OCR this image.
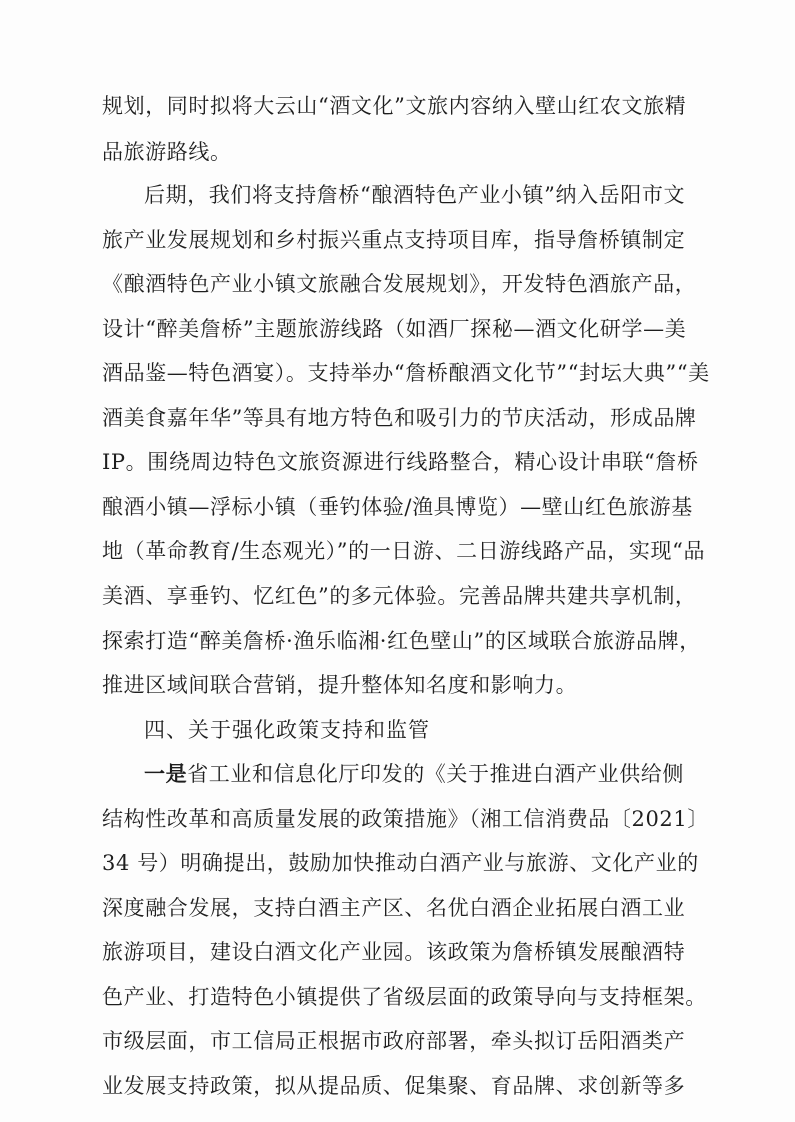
规划，同时拟将大云山“酒文化”文旅内容纳入壁山红农文旅精
品旅游路线。
后期，我们将支持詹桥“酿酒特色产业小镇”纳入岳阳市文
旅产业发展规划和乡村振兴重点支持项目库，指导詹桥镇制定
《酿酒特色产业小镇文旅融合发展规划》，开发特色酒旅产品，
设计“醉美詹桥”主题旅游线路（如酒厂探秘—酒文化研学—美
酒品鉴—特色酒宴）。支持举办“詹桥酿酒文化节”“封坛大典”“美
酒美食嘉年华”等具有地方特色和吸引力的节庆活动，形成品牌
IP。围绕周边特色文旅资源进行线路整合，精心设计串联“詹桥
酿酒小镇—浮标小镇（垂钓体验/渔具博览）—壁山红色旅游基
地（革命教育/生态观光）”的一日游、二日游线路产品，实现“品
美酒、享垂钓、忆红色”的多元体验。完善品牌共建共享机制，
探索打造“醉美詹桥·渔乐临湘·红色壁山”的区域联合旅游品牌，
推进区域间联合营销，提升整体知名度和影响力。
四、关于强化政策支持和监管
一是省工业和信息化厅印发的《关于推进白酒产业供给侧
结构性改革和高质量发展的政策措施》（湘工信消费品〔2021〕
34 号）明确提出，鼓励加快推动白酒产业与旅游、文化产业的
深度融合发展，支持白酒主产区、名优白酒企业拓展白酒工业
旅游项目，建设白酒文化产业园。该政策为詹桥镇发展酿酒特
色产业、打造特色小镇提供了省级层面的政策导向与支持框架。
市级层面，市工信局正根据市政府部署，牵头拟订岳阳酒类产
业发展支持政策，拟从提品质、促集聚、育品牌、求创新等多
